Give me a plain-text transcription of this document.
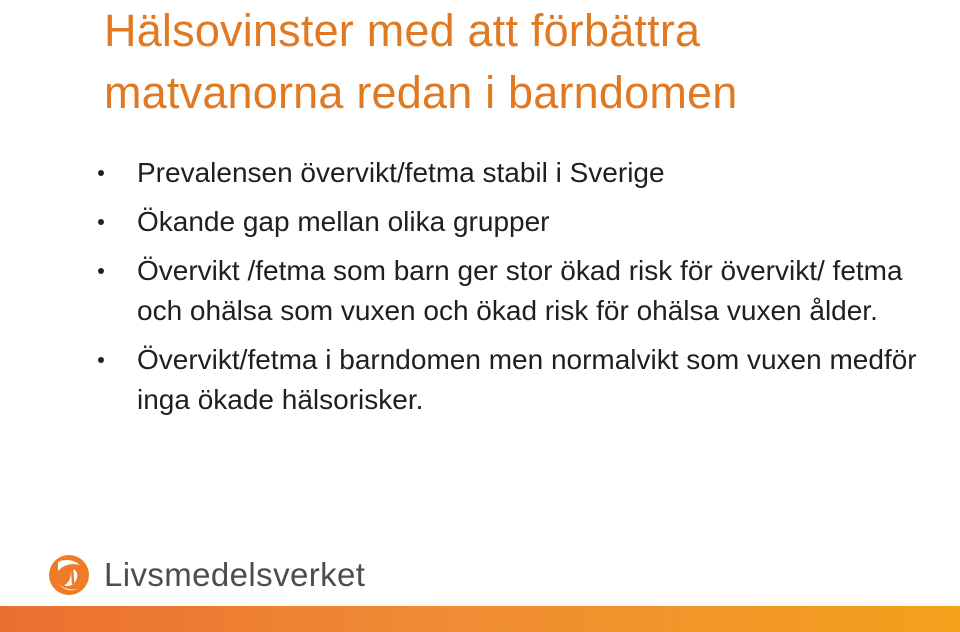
Hälsovinster med att förbättra
matvanorna redan i barndomen
Prevalensen övervikt/fetma stabil i Sverige
Ökande gap mellan olika grupper
Övervikt /fetma som barn ger stor ökad risk för övervikt/ fetma och ohälsa som vuxen och ökad risk för ohälsa vuxen ålder.
Övervikt/fetma i barndomen men normalvikt som vuxen medför inga ökade hälsorisker.
Livsmedelsverket
